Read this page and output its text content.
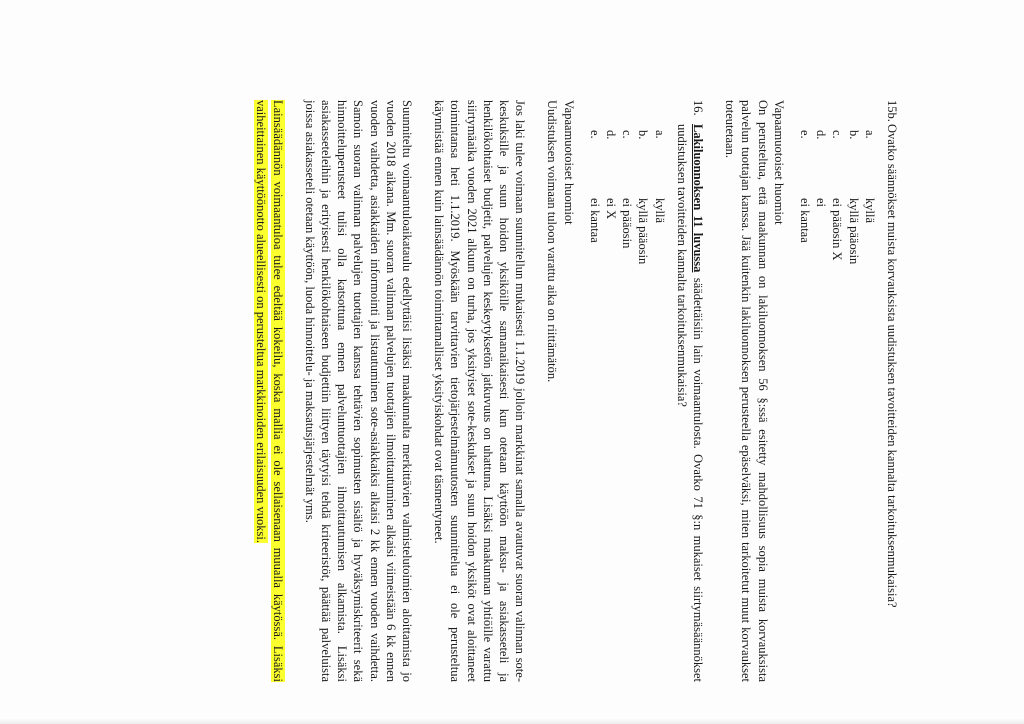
15b.
Ovatko säännökset muista korvauksista uudistuksen tavoitteiden kannalta tarkoituksenmukaisia?
a.
kyllä
b.
kyllä pääosin
c.
ei pääosin X
d.
ei
e.
ei kantaa
Vapaamuotoiset huomiot

On perusteltua, että maakunnan on lakiluonnoksen 56 §:ssä esitetty mahdollisuus sopia muista korvauksista palvelun tuottajan kanssa. Jää kuitenkin lakiluonnoksen perusteella epäselväksi, miten tarkoitetut muut korvaukset toteutetaan.

16.
Lakiluonnoksen 11 luvussa säädettäisiin lain voimaantulosta. Ovatko 71 §:n mukaiset siirtymäsäännökset uudistuksen tavoitteiden kannalta tarkoituksenmukaisia?
a.
kyllä
b.
kyllä pääosin
c.
ei pääosin
d.
ei X
e.
ei kantaa
Vapaamuotoiset huomiot
Uudistuksen voimaan tuloon varattu aika on riittämätön.

Jos laki tulee voimaan suunnitellun mukaisesti 1.1.2019 jolloin markkinat samalla avautuvat suoran valinnan sote-keskuksille ja suun hoidon yksiköille samanaikaisesti kun otetaan käyttöön maksu- ja asiakasseteli ja henkilökohtaiset budjetit, palvelujen keskeytyksetön jatkuvuus on uhattuna. Lisäksi maakunnan yhtiöille varattu siirtymäaika vuoden 2021 alkuun on turha, jos yksityiset sote-keskukset ja suun hoidon yksiköt ovat aloittaneet toimintansa heti 1.1.2019. Myöskään tarvittavien tietojärjestelmämuutosten suunnittelua ei ole perusteltua käynnistää ennen kuin lainsäädännön toimintamalliset yksityiskohdat ovat täsmentyneet.

Suunniteltu voimaantuloaikataulu edellyttäisi lisäksi maakunnalta merkittävien valmistelutoimien aloittamista jo vuoden 2018 aikana. Mm. suoran valinnan palvelujen tuottajien ilmoittautuminen alkaisi viimeistään 6 kk ennen vuoden vaihdetta, asiakkaiden informointi ja listautuminen sote-asiakkaiksi alkaisi 2 kk ennen vuoden vaihdetta. Samoin suoran valinnan palvelujen tuottajien kanssa tehtävien sopimusten sisältö ja hyväksymiskriteerit sekä hinnoitteluperusteet tulisi olla katsottuna ennen palveluntuottajien ilmoittautumisen alkamista. Lisäksi asiakasseteleihin ja erityisesti henkilökohtaiseen budjettiin liittyen täytyisi tehdä kriteeristöt, päättää palveluista joissa asiakasseteli otetaan käyttöön, luoda hinnoittelu- ja maksatusjärjestelmät yms.

Lainsäädännön voimaantuloa tulee edeltää kokeilu, koska mallia ei ole sellaisenaan muualla käytössä. Lisäksi vaiheittainen käyttöönotto alueellisesti on perusteltua markkinoiden erilaisuuden vuoksi.
